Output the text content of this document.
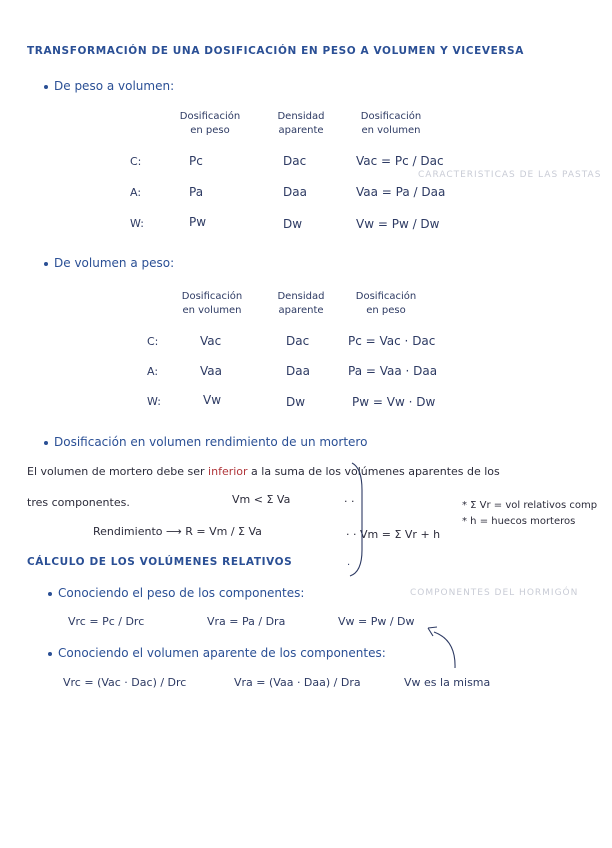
CARACTERISTICAS DE LAS PASTAS
COMPONENTES DEL HORMIGÓN
TRANSFORMACIÓN DE UNA DOSIFICACIÓN EN PESO A VOLUMEN Y VICEVERSA
De peso a volumen:
Dosificación
en peso
Densidad
aparente
Dosificación
en volumen
C:	Pc	Dac	Vac = Pc / Dac
A:	Pa	Daa	Vaa = Pa / Daa
W:	Pw	Dw	Vw = Pw / Dw
De volumen a peso:
Dosificación
en volumen
Densidad
aparente
Dosificación
en peso
C:	Vac	Dac	Pc = Vac · Dac
A:	Vaa	Daa	Pa = Vaa · Daa
W:	Vw	Dw	Pw = Vw · Dw
Dosificación en volumen rendimiento de un mortero
El volumen de mortero debe ser inferior a la suma de los volúmenes aparentes de los
tres componentes.	Vm < Σ Va	· ·
Rendimiento ⟶ R = Vm / Σ Va	· · Vm = Σ Vr + h
* Σ Vr = vol relativos comp
* h = huecos morteros
CÁLCULO DE LOS VOLÚMENES RELATIVOS	·
Conociendo el peso de los componentes:
Vrc = Pc / Drc	Vra = Pa / Dra	Vw = Pw / Dw
Conociendo el volumen aparente de los componentes:
Vrc = (Vac · Dac) / Drc	Vra = (Vaa · Daa) / Dra	Vw es la misma
